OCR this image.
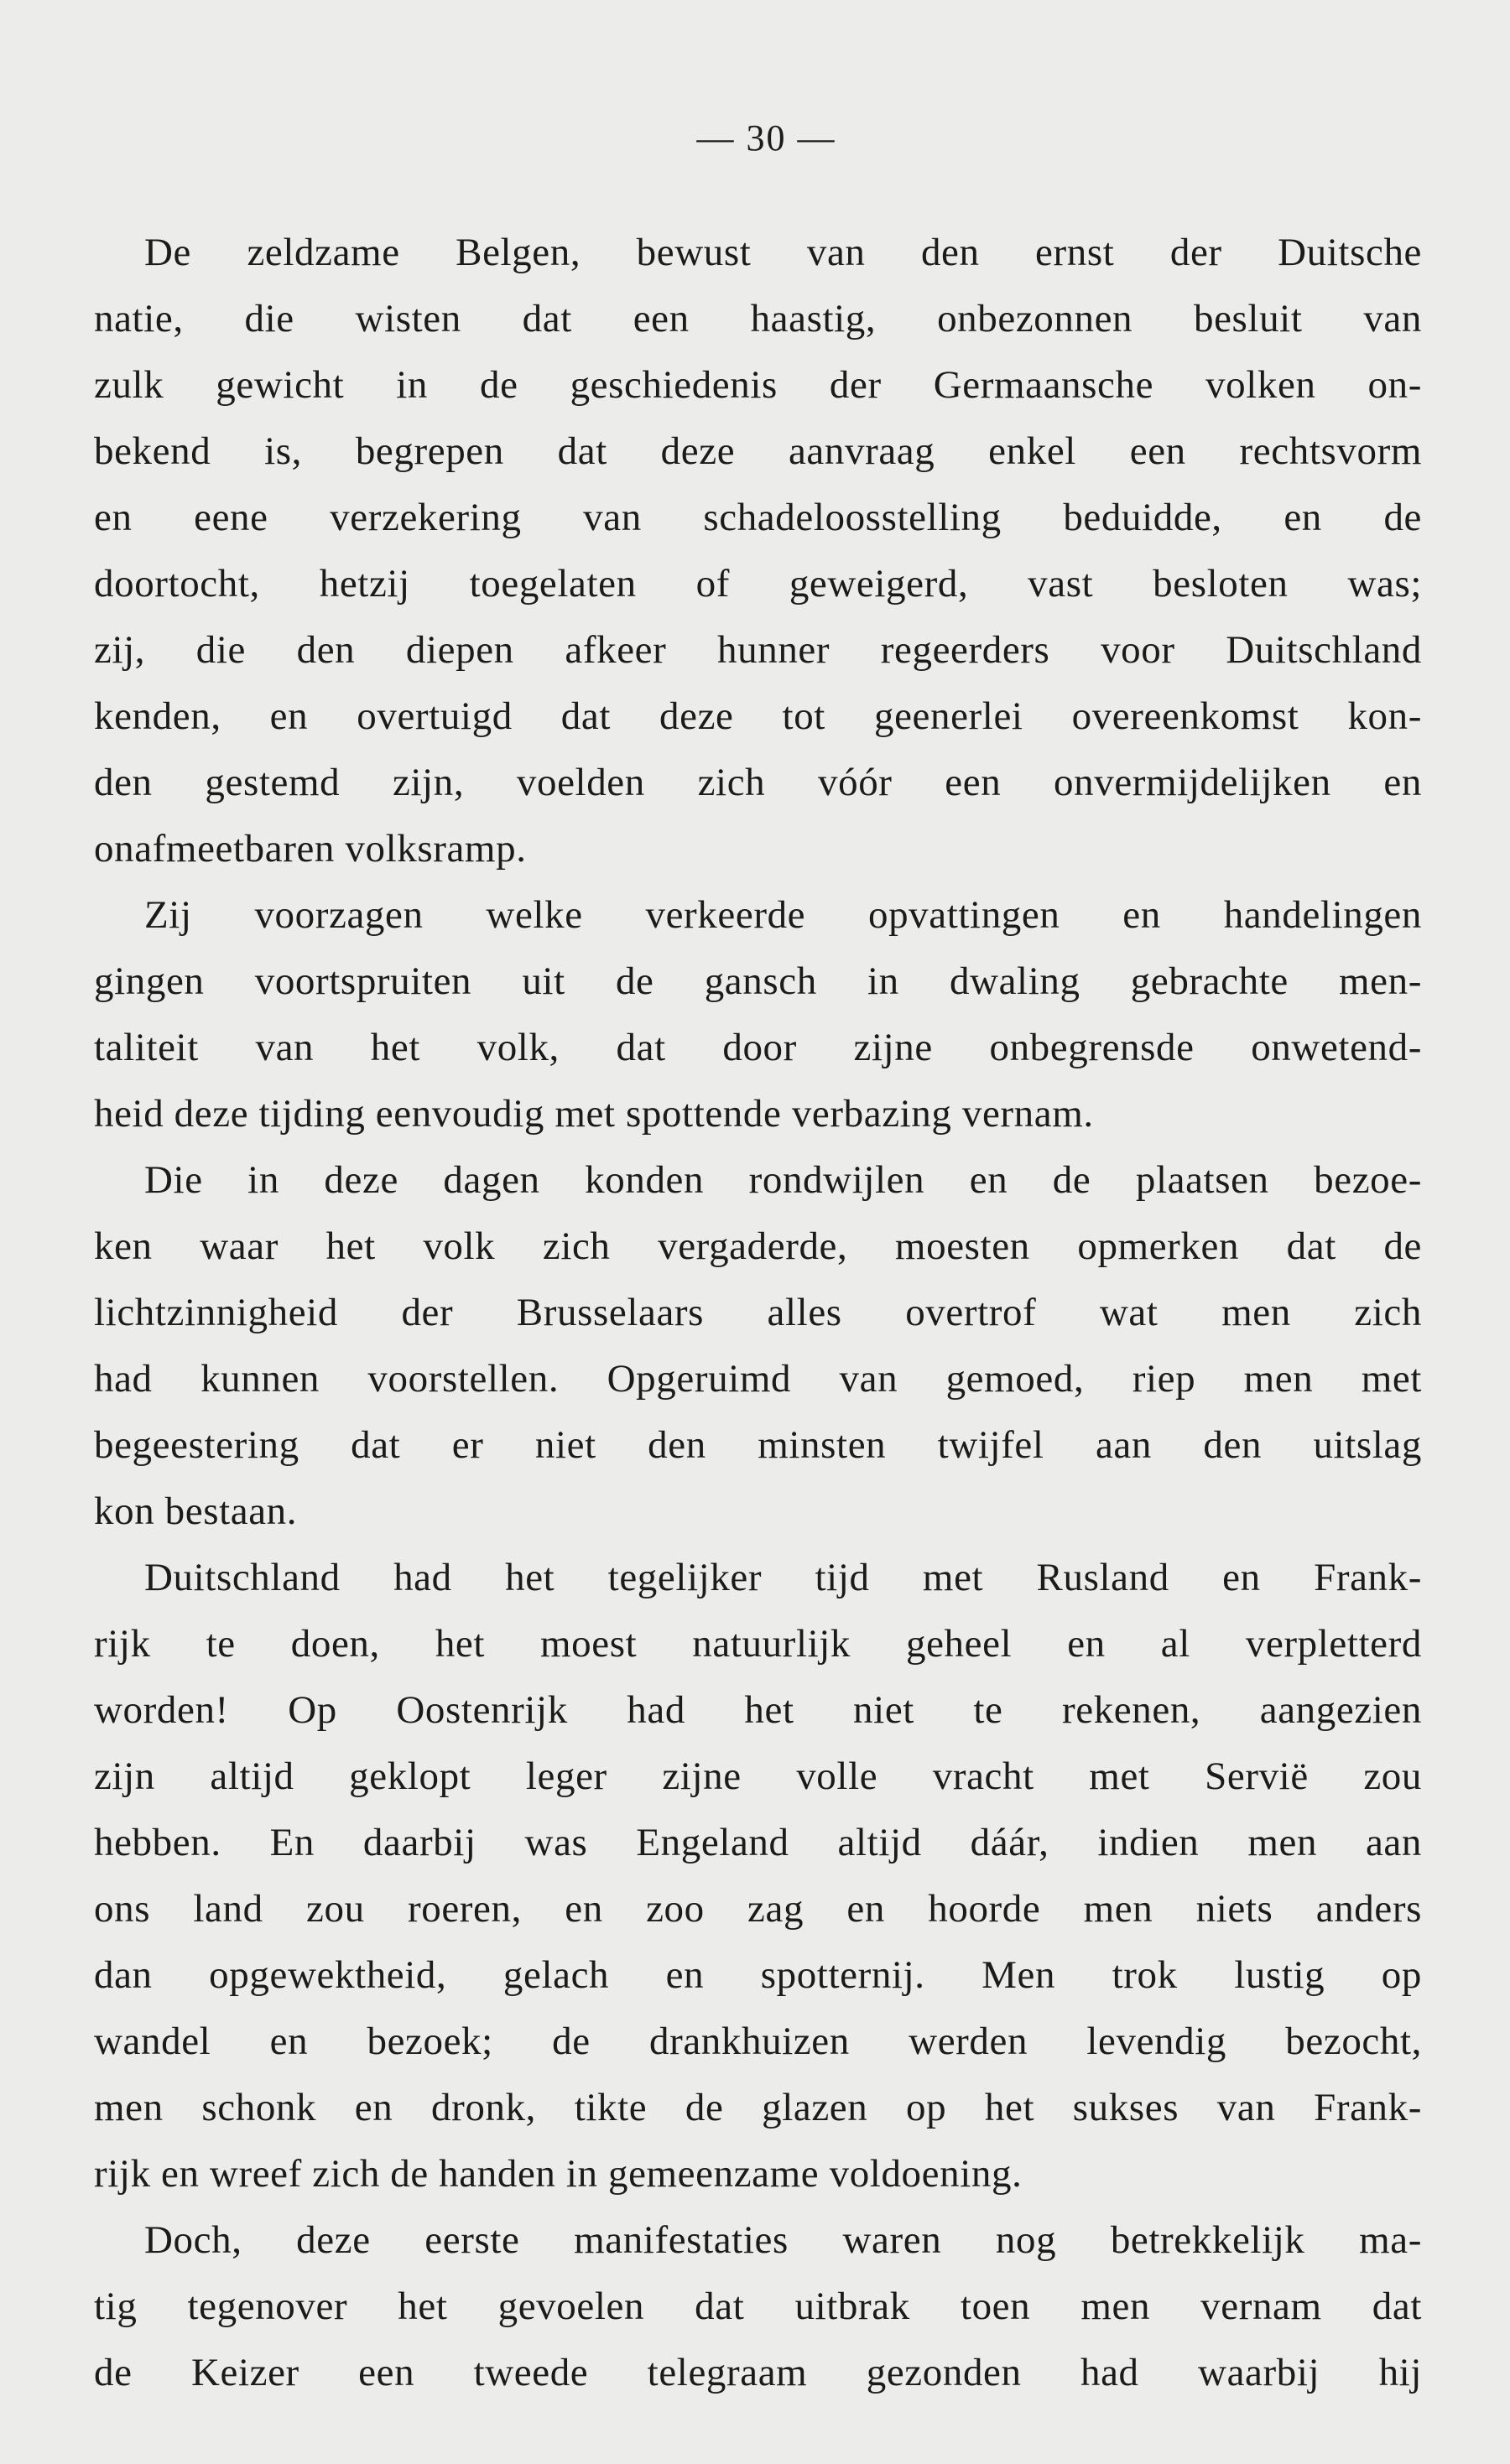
— 30 —
De zeldzame Belgen, bewust van den ernst der Duitsche
natie, die wisten dat een haastig, onbezonnen besluit van
zulk gewicht in de geschiedenis der Germaansche volken on-
bekend is, begrepen dat deze aanvraag enkel een rechtsvorm
en eene verzekering van schadeloosstelling beduidde, en de
doortocht, hetzij toegelaten of geweigerd, vast besloten was;
zij, die den diepen afkeer hunner regeerders voor Duitschland
kenden, en overtuigd dat deze tot geenerlei overeenkomst kon-
den gestemd zijn, voelden zich vóór een onvermijdelijken en
onafmeetbaren volksramp.
Zij voorzagen welke verkeerde opvattingen en handelingen
gingen voortspruiten uit de gansch in dwaling gebrachte men-
taliteit van het volk, dat door zijne onbegrensde onwetend-
heid deze tijding eenvoudig met spottende verbazing vernam.
Die in deze dagen konden rondwijlen en de plaatsen bezoe-
ken waar het volk zich vergaderde, moesten opmerken dat de
lichtzinnigheid der Brusselaars alles overtrof wat men zich
had kunnen voorstellen. Opgeruimd van gemoed, riep men met
begeestering dat er niet den minsten twijfel aan den uitslag
kon bestaan.
Duitschland had het tegelijker tijd met Rusland en Frank-
rijk te doen, het moest natuurlijk geheel en al verpletterd
worden! Op Oostenrijk had het niet te rekenen, aangezien
zijn altijd geklopt leger zijne volle vracht met Servië zou
hebben. En daarbij was Engeland altijd dáár, indien men aan
ons land zou roeren, en zoo zag en hoorde men niets anders
dan opgewektheid, gelach en spotternij. Men trok lustig op
wandel en bezoek; de drankhuizen werden levendig bezocht,
men schonk en dronk, tikte de glazen op het sukses van Frank-
rijk en wreef zich de handen in gemeenzame voldoening.
Doch, deze eerste manifestaties waren nog betrekkelijk ma-
tig tegenover het gevoelen dat uitbrak toen men vernam dat
de Keizer een tweede telegraam gezonden had waarbij hij
